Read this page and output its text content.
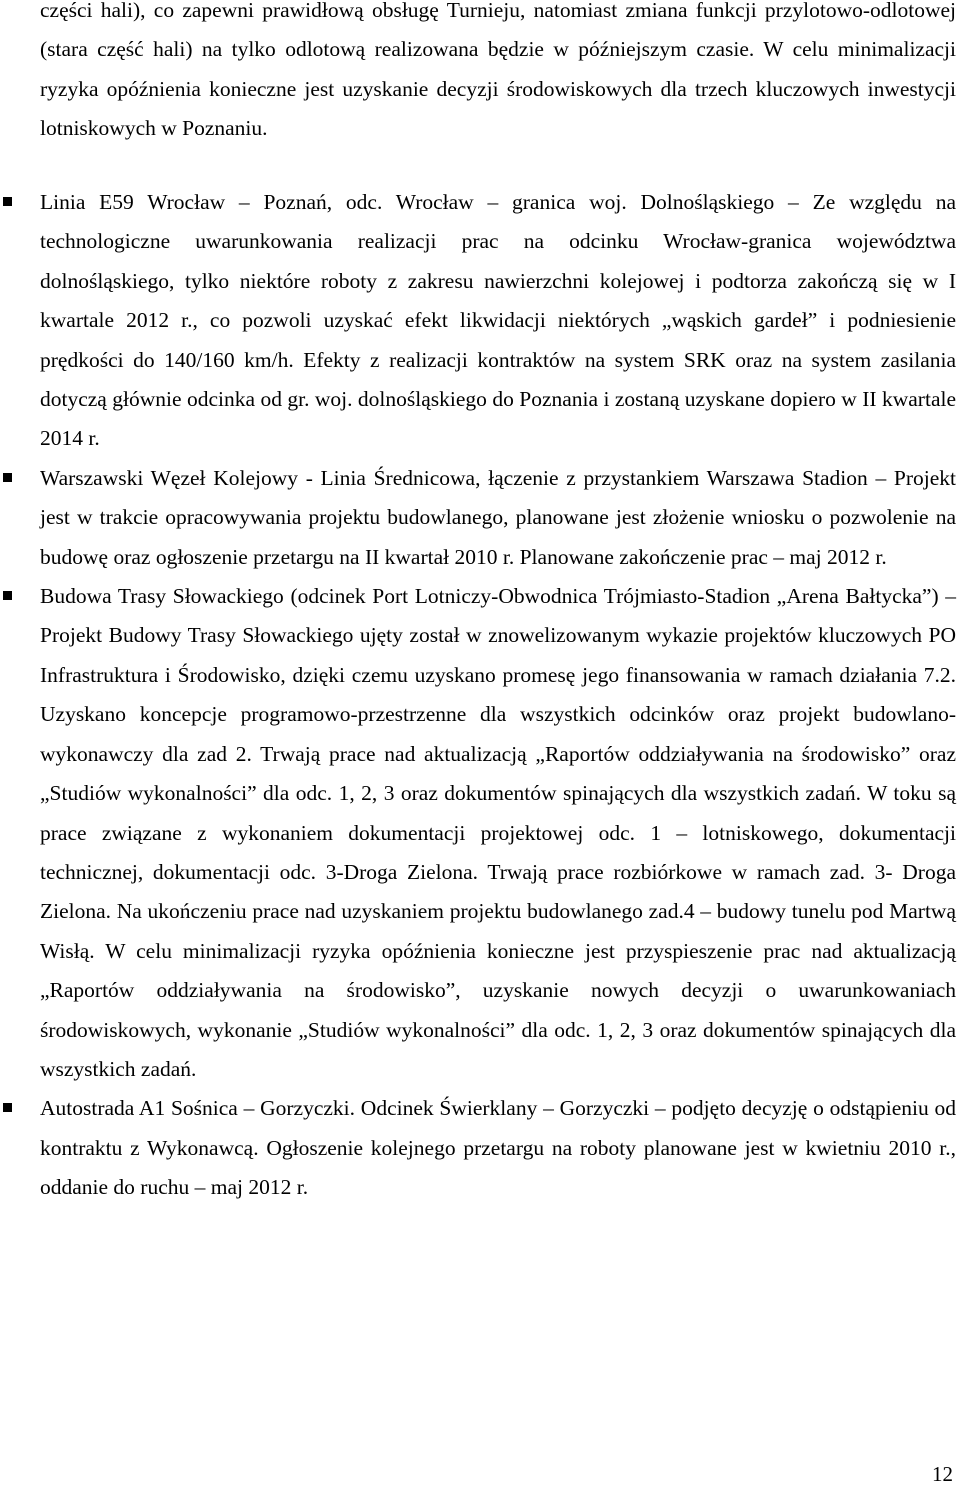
części hali), co zapewni prawidłową obsługę Turnieju, natomiast zmiana funkcji przylotowo-odlotowej (stara część hali) na tylko odlotową realizowana będzie w późniejszym czasie. W celu minimalizacji ryzyka opóźnienia konieczne jest uzyskanie decyzji środowiskowych dla trzech kluczowych inwestycji lotniskowych w Poznaniu.

Linia E59 Wrocław – Poznań, odc. Wrocław – granica woj. Dolnośląskiego – Ze względu na technologiczne uwarunkowania realizacji prac na odcinku Wrocław-granica województwa dolnośląskiego, tylko niektóre roboty z zakresu nawierzchni kolejowej i podtorza zakończą się w I kwartale 2012 r., co pozwoli uzyskać efekt likwidacji niektórych „wąskich gardeł” i podniesienie prędkości do 140/160 km/h. Efekty z realizacji kontraktów na system SRK oraz na system zasilania dotyczą głównie odcinka od gr. woj. dolnośląskiego do Poznania i zostaną uzyskane dopiero w II kwartale 2014 r.
Warszawski Węzeł Kolejowy - Linia Średnicowa, łączenie z przystankiem Warszawa Stadion – Projekt jest w trakcie opracowywania projektu budowlanego, planowane jest złożenie wniosku o pozwolenie na budowę oraz ogłoszenie przetargu na II kwartał 2010 r. Planowane zakończenie prac – maj 2012 r.
Budowa Trasy Słowackiego (odcinek Port Lotniczy-Obwodnica Trójmiasto-Stadion „Arena Bałtycka”) – Projekt Budowy Trasy Słowackiego ujęty został w znowelizowanym wykazie projektów kluczowych PO Infrastruktura i Środowisko, dzięki czemu uzyskano promesę jego finansowania w ramach działania 7.2. Uzyskano koncepcje programowo-przestrzenne dla wszystkich odcinków oraz projekt budowlano-wykonawczy dla zad 2. Trwają prace nad aktualizacją „Raportów oddziaływania na środowisko” oraz „Studiów wykonalności” dla odc. 1, 2, 3 oraz dokumentów spinających dla wszystkich zadań. W toku są prace związane z wykonaniem dokumentacji projektowej odc. 1 – lotniskowego, dokumentacji technicznej, dokumentacji odc. 3-Droga Zielona. Trwają prace rozbiórkowe w ramach zad. 3- Droga Zielona. Na ukończeniu prace nad uzyskaniem projektu budowlanego zad.4 – budowy tunelu pod Martwą Wisłą. W celu minimalizacji ryzyka opóźnienia konieczne jest przyspieszenie prac nad aktualizacją „Raportów oddziaływania na środowisko”, uzyskanie nowych decyzji o uwarunkowaniach środowiskowych, wykonanie „Studiów wykonalności” dla odc. 1, 2, 3 oraz dokumentów spinających dla wszystkich zadań.
Autostrada A1 Sośnica – Gorzyczki. Odcinek Świerklany – Gorzyczki – podjęto decyzję o odstąpieniu od kontraktu z Wykonawcą. Ogłoszenie kolejnego przetargu na roboty planowane jest w kwietniu 2010 r., oddanie do ruchu – maj 2012 r.
12
